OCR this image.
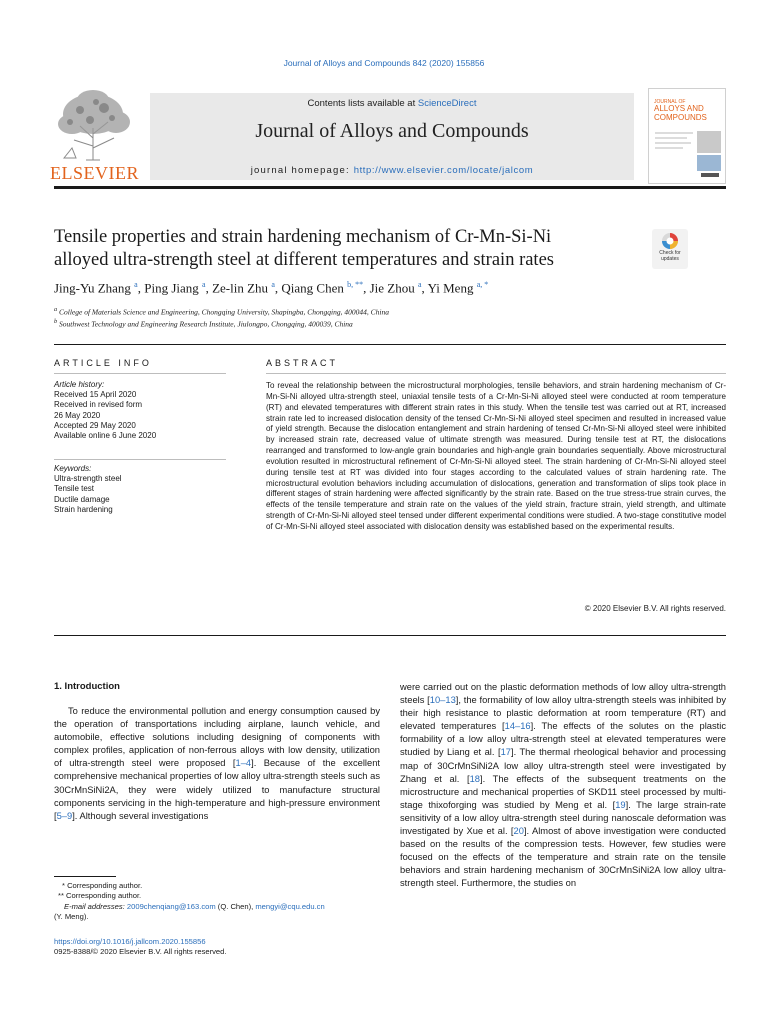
Journal of Alloys and Compounds 842 (2020) 155856
ELSEVIER
Contents lists available at ScienceDirect
Journal of Alloys and Compounds
journal homepage: http://www.elsevier.com/locate/jalcom
JOURNAL OF
ALLOYS AND
COMPOUNDS
Tensile properties and strain hardening mechanism of Cr-Mn-Si-Ni
alloyed ultra-strength steel at different temperatures and strain rates	Check for updates
Jing-Yu Zhang $^a$, Ping Jiang $^a$, Ze-lin Zhu $^a$, Qiang Chen $^{b, **}$, Jie Zhou $^a$, Yi Meng $^{a, *}$
$^a$ College of Materials Science and Engineering, Chongqing University, Shapingba, Chongqing, 400044, China
$^b$ Southwest Technology and Engineering Research Institute, Jiulongpo, Chongqing, 400039, China
ARTICLE INFO
Article history:
Received 15 April 2020
Received in revised form
26 May 2020
Accepted 29 May 2020
Available online 6 June 2020
Keywords:
Ultra-strength steel
Tensile test
Ductile damage
Strain hardening
ABSTRACT
To reveal the relationship between the microstructural morphologies, tensile behaviors, and strain hardening mechanism of Cr-Mn-Si-Ni alloyed ultra-strength steel, uniaxial tensile tests of a Cr-Mn-Si-Ni alloyed steel were conducted at room temperature (RT) and elevated temperatures with different strain rates in this study. When the tensile test was carried out at RT, increased strain rate led to increased dislocation density of the tensed Cr-Mn-Si-Ni alloyed steel specimen and resulted in increased value of yield strength. Because the dislocation entanglement and strain hardening of tensed Cr-Mn-Si-Ni alloyed steel were inhibited by increased strain rate, decreased value of ultimate strength was measured. During tensile test at RT, the dislocations rearranged and transformed to low-angle grain boundaries and high-angle grain boundaries sequentially. Above microstructural evolution resulted in microstructural refinement of Cr-Mn-Si-Ni alloyed steel. The strain hardening of Cr-Mn-Si-Ni alloyed steel during tensile test at RT was divided into four stages according to the calculated values of strain hardening rate. The microstructural evolution behaviors including accumulation of dislocations, generation and transformation of slips took place in different stages of strain hardening were affected significantly by the strain rate. Based on the true stress-true strain curves, the effects of the tensile temperature and strain rate on the values of the yield strain, fracture strain, yield strength, and ultimate strength of Cr-Mn-Si-Ni alloyed steel tensed under different experimental conditions were studied. A two-stage constitutive model of Cr-Mn-Si-Ni alloyed steel associated with dislocation density was established based on the experimental results.
© 2020 Elsevier B.V. All rights reserved.
1. Introduction
To reduce the environmental pollution and energy consumption caused by the operation of transportations including airplane, launch vehicle, and automobile, effective solutions including designing of components with complex profiles, application of non-ferrous alloys with low density, utilization of ultra-strength steel were proposed [1–4]. Because of the excellent comprehensive mechanical properties of low alloy ultra-strength steels such as 30CrMnSiNi2A, they were widely utilized to manufacture structural components servicing in the high-temperature and high-pressure environment [5–9]. Although several investigations
were carried out on the plastic deformation methods of low alloy ultra-strength steels [10–13], the formability of low alloy ultra-strength steels was inhibited by their high resistance to plastic deformation at room temperature (RT) and elevated temperatures [14–16]. The effects of the solutes on the plastic formability of a low alloy ultra-strength steel at elevated temperatures were studied by Liang et al. [17]. The thermal rheological behavior and processing map of 30CrMnSiNi2A low alloy ultra-strength steel were investigated by Zhang et al. [18]. The effects of the subsequent treatments on the microstructure and mechanical properties of SKD11 steel processed by multi-stage thixoforging was studied by Meng et al. [19]. The large strain-rate sensitivity of a low alloy ultra-strength steel during nanoscale deformation was investigated by Xue et al. [20]. Almost of above investigation were conducted based on the results of the compression tests. However, few studies were focused on the effects of the temperature and strain rate on the tensile behaviors and strain hardening mechanism of 30CrMnSiNi2A low alloy ultra-strength steel. Furthermore, the studies on
* Corresponding author.
** Corresponding author.
E-mail addresses: 2009chenqiang@163.com (Q. Chen), mengyi@cqu.edu.cn
(Y. Meng).
https://doi.org/10.1016/j.jallcom.2020.155856
0925-8388/© 2020 Elsevier B.V. All rights reserved.
